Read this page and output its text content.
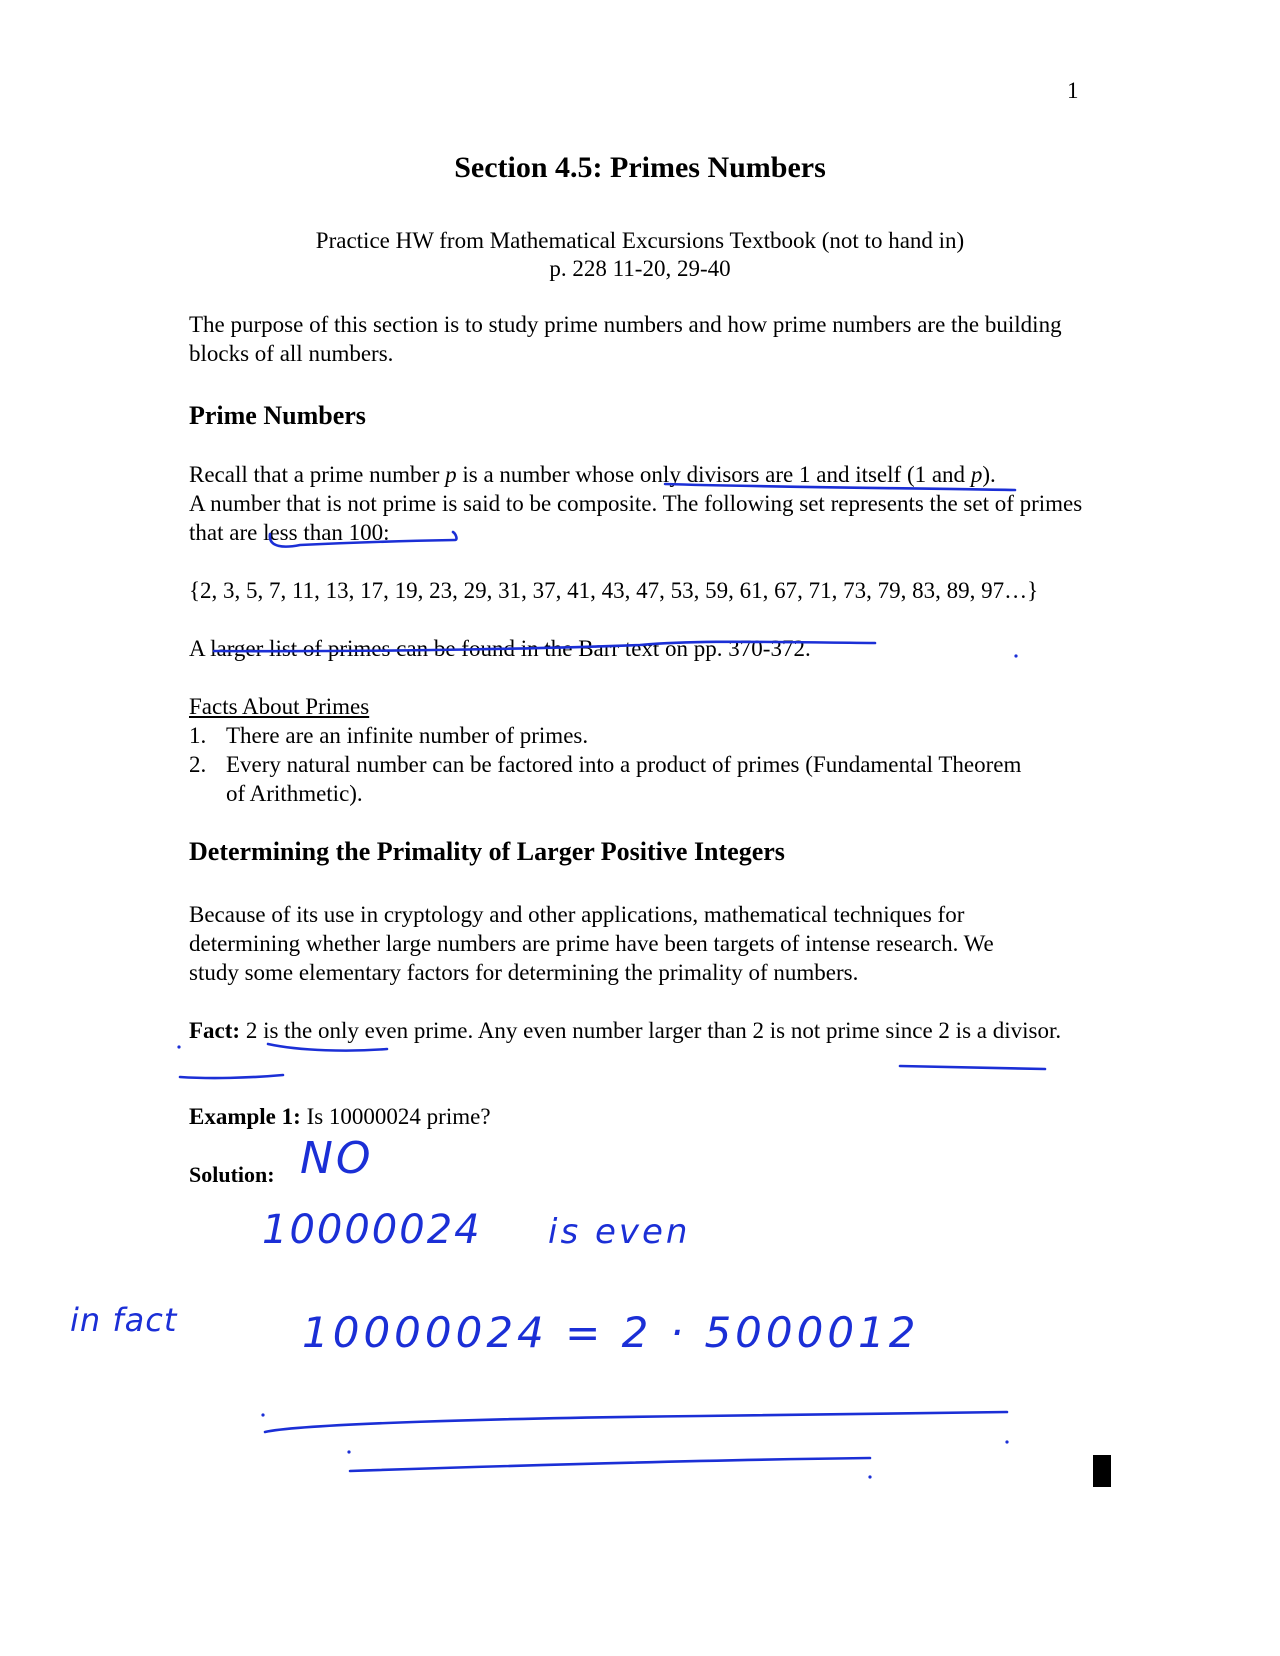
1
Section 4.5: Primes Numbers
Practice HW from Mathematical Excursions Textbook (not to hand in)
p. 228 11-20, 29-40
The purpose of this section is to study prime numbers and how prime numbers are the building blocks of all numbers.
Prime Numbers
Recall that a prime number p is a number whose only divisors are 1 and itself (1 and p).
A number that is not prime is said to be composite. The following set represents the set of primes that are less than 100:
{2, 3, 5, 7, 11, 13, 17, 19, 23, 29, 31, 37, 41, 43, 47, 53, 59, 61, 67, 71, 73, 79, 83, 89, 97…}
A larger list of primes can be found in the Barr text on pp. 370-372.
Facts About Primes
1. There are an infinite number of primes.
2. Every natural number can be factored into a product of primes (Fundamental Theorem of Arithmetic).
Determining the Primality of Larger Positive Integers
Because of its use in cryptology and other applications, mathematical techniques for determining whether large numbers are prime have been targets of intense research. We study some elementary factors for determining the primality of numbers.
Fact: 2 is the only even prime. Any even number larger than 2 is not prime since 2 is a divisor.
Example 1: Is 10000024 prime?
Solution: NO
10000024 is even
in fact	10000024 = 2 · 5000012
